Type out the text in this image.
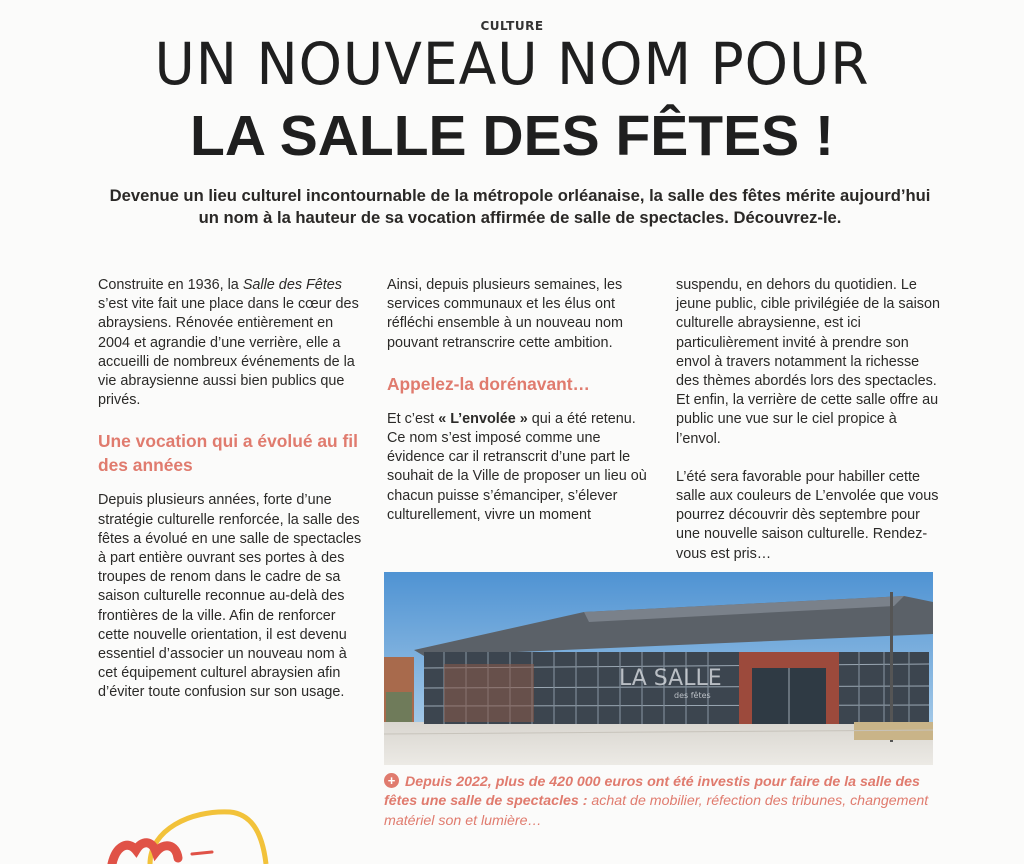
CULTURE
UN NOUVEAU NOM POUR
LA SALLE DES FÊTES !

Devenue un lieu culturel incontournable de la métropole orléanaise, la salle des fêtes mérite aujourd’hui un nom à la hauteur de sa vocation affirmée de salle de spectacles. Découvrez-le.

Construite en 1936, la Salle des Fêtes s’est vite fait une place dans le cœur des abraysiens. Rénovée entièrement en 2004 et agrandie d’une verrière, elle a accueilli de nombreux événements de la vie abraysienne aussi bien publics que privés.

Une vocation qui a évolué au fil des années

Depuis plusieurs années, forte d’une stratégie culturelle renforcée, la salle des fêtes a évolué en une salle de spectacles à part entière ouvrant ses portes à des troupes de renom dans le cadre de sa saison culturelle reconnue au-delà des frontières de la ville. Afin de renforcer cette nouvelle orientation, il est devenu essentiel d’associer un nouveau nom à cet équipement culturel abraysien afin d’éviter toute confusion sur son usage.

Ainsi, depuis plusieurs semaines, les services communaux et les élus ont réfléchi ensemble à un nouveau nom pouvant retranscrire cette ambition.

Appelez-la dorénavant…

Et c’est « L’envolée » qui a été retenu. Ce nom s’est imposé comme une évidence car il retranscrit d’une part le souhait de la Ville de proposer un lieu où chacun puisse s’émanciper, s’élever culturellement, vivre un moment

suspendu, en dehors du quotidien. Le jeune public, cible privilégiée de la saison culturelle abraysienne, est ici particulièrement invité à prendre son envol à travers notamment la richesse des thèmes abordés lors des spectacles. Et enfin, la verrière de cette salle offre au public une vue sur le ciel propice à l’envol.

L’été sera favorable pour habiller cette salle aux couleurs de L’envolée que vous pourrez découvrir dès septembre pour une nouvelle saison culturelle. Rendez-vous est pris…

LA SALLE
des fêtes
+ Depuis 2022, plus de 420 000 euros ont été investis pour faire de la salle des fêtes une salle de spectacles : achat de mobilier, réfection des tribunes, changement matériel son et lumière…
